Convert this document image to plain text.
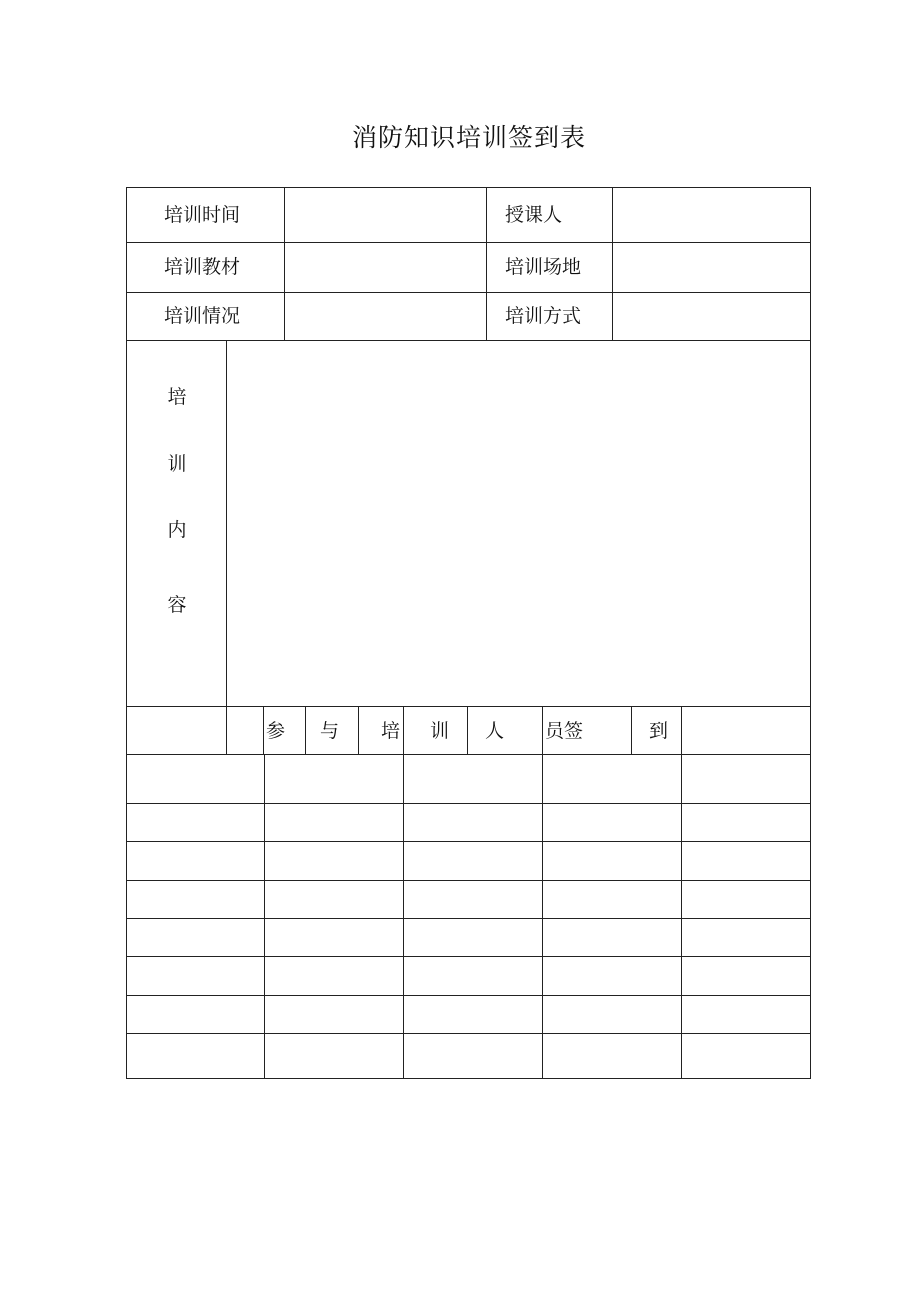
消防知识培训签到表
培训时间	授课人
培训教材	培训场地
培训情况	培训方式
培
训
内
容
参 与 培 训 人 员签	到
